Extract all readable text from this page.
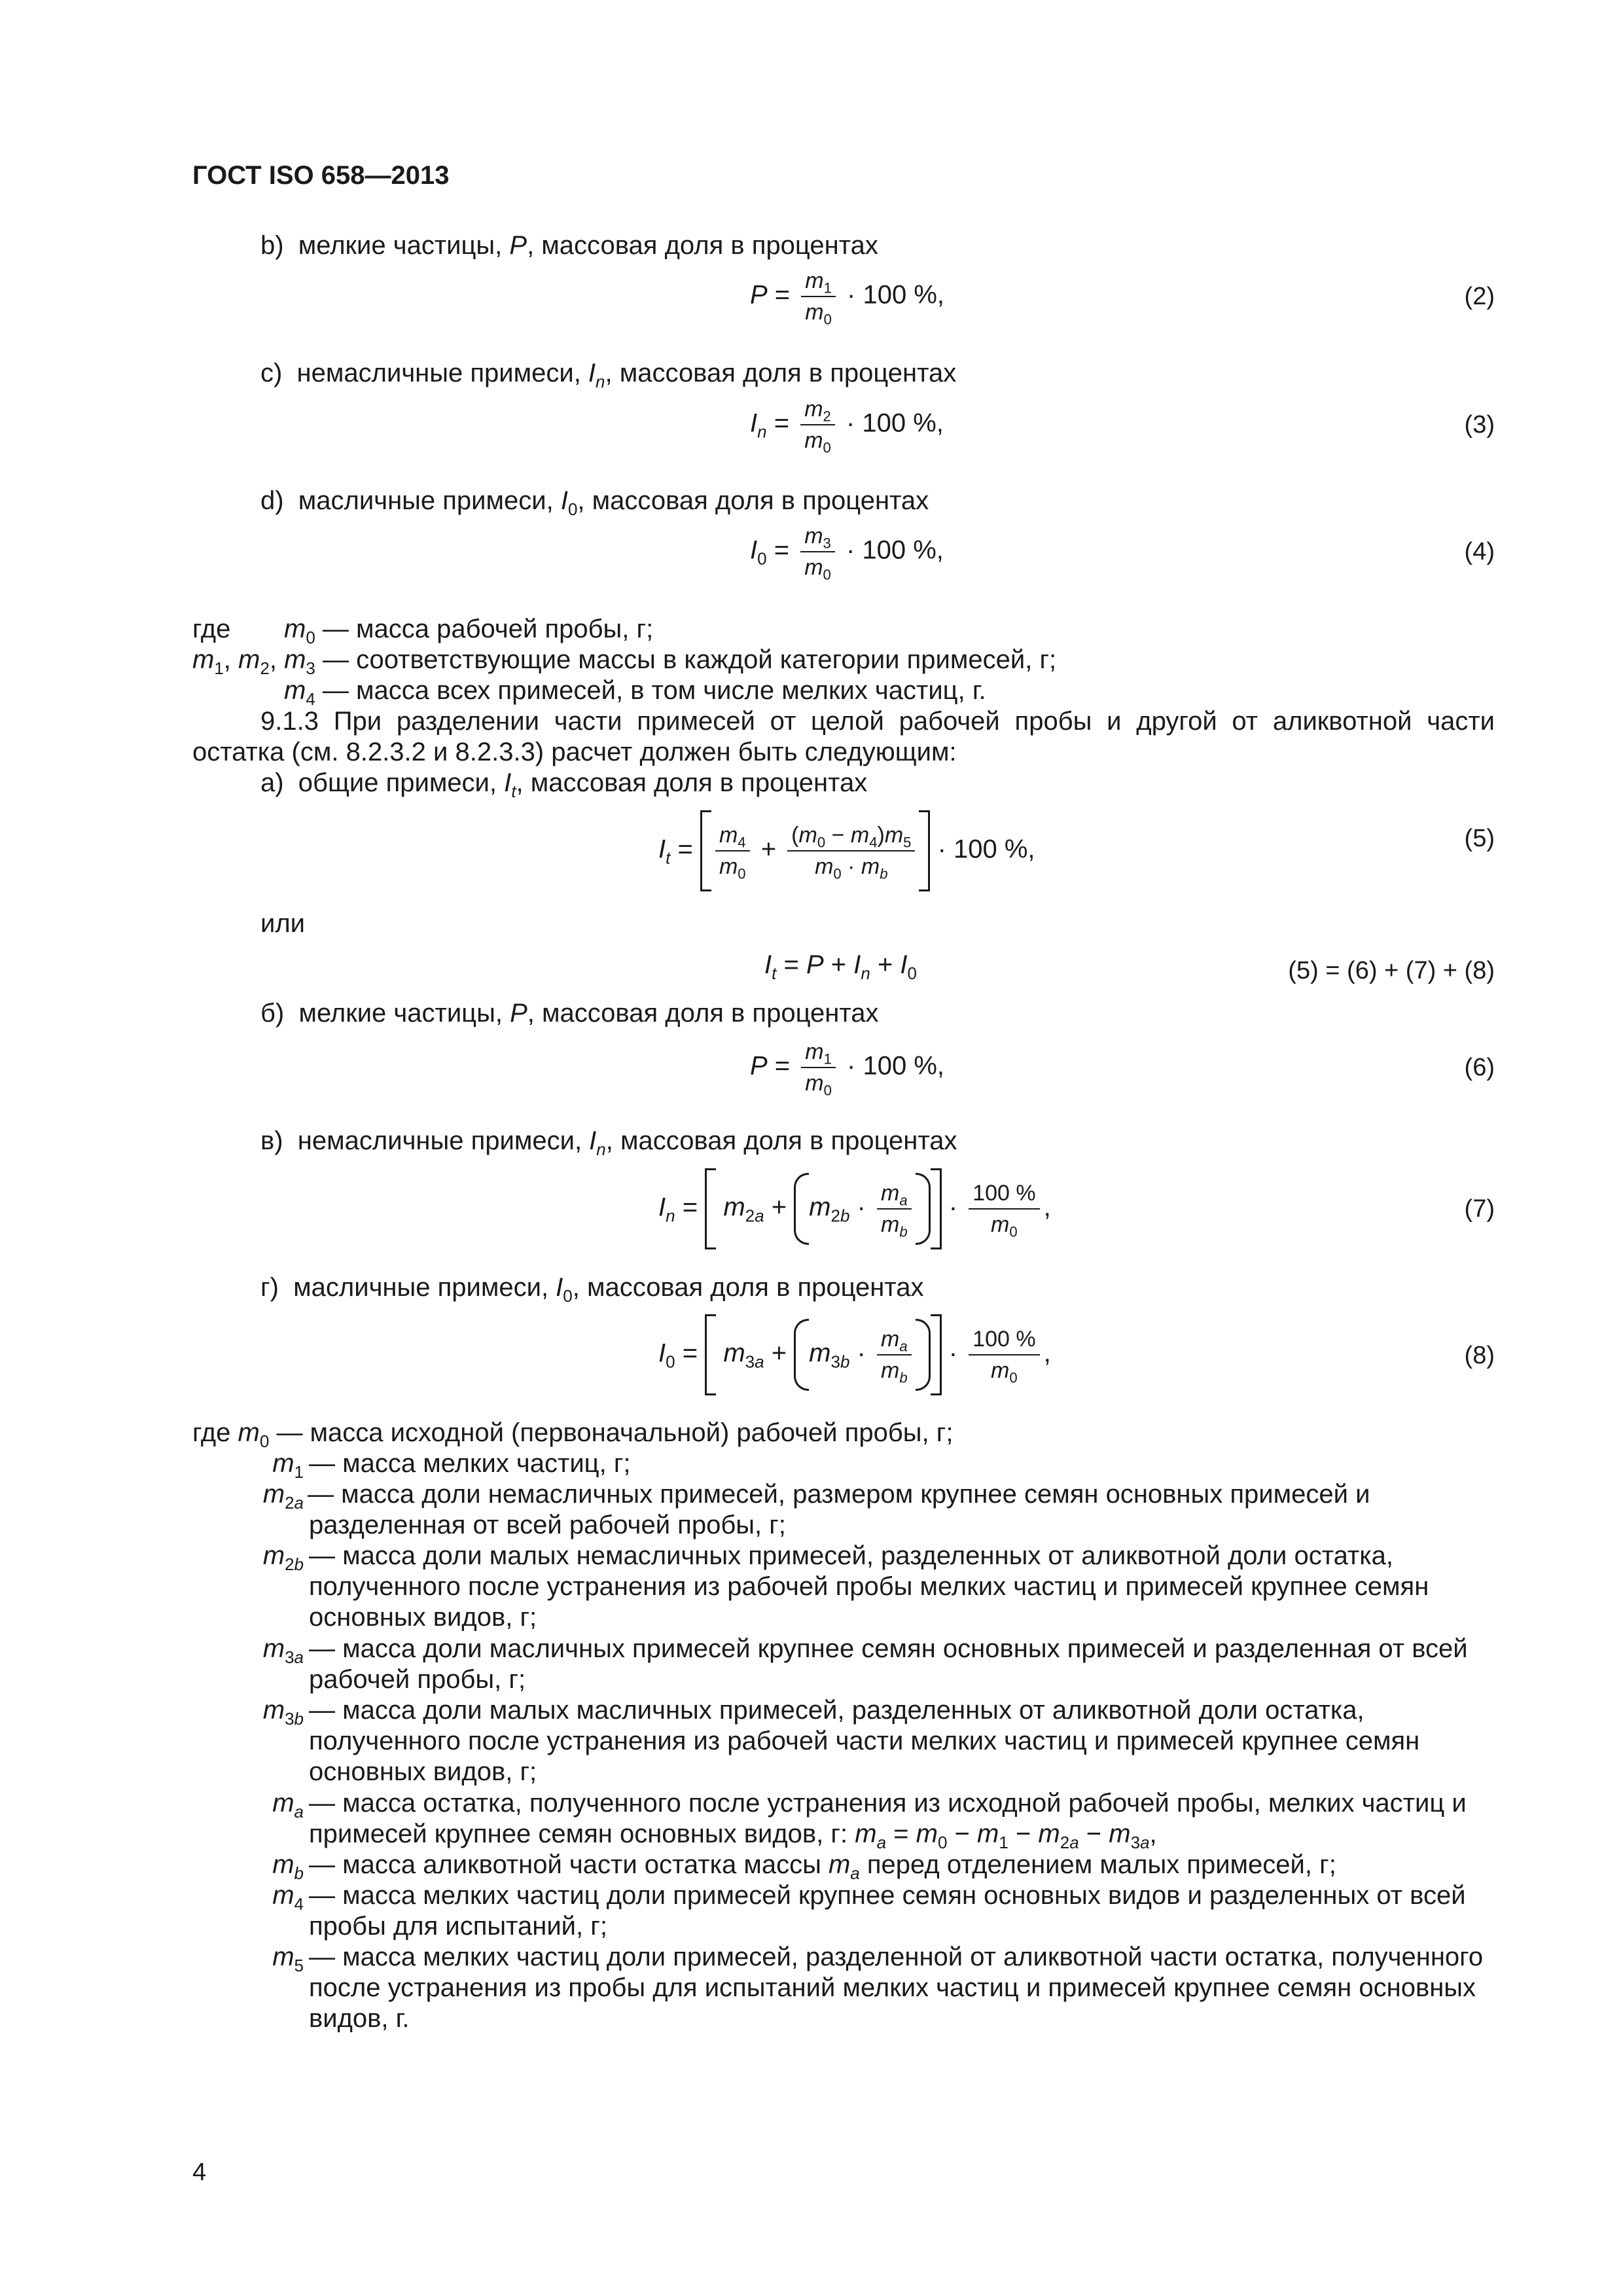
ГОСТ ISO 658—2013
b)  мелкие частицы, P, массовая доля в процентах
$P = \frac{m_1}{m_0} \cdot 100$ %,	(2)
c)  немасличные примеси, $I_n$, массовая доля в процентах
$I_n = \frac{m_2}{m_0} \cdot 100$ %,	(3)
d)  масличные примеси, $I_0$, массовая доля в процентах
$I_0 = \frac{m_3}{m_0} \cdot 100$ %,	(4)
где $m_0$ — масса рабочей пробы, г;
$m_1$, $m_2$, $m_3$ — соответствующие массы в каждой категории примесей, г;
$m_4$ — масса всех примесей, в том числе мелких частиц, г.
9.1.3 При разделении части примесей от целой рабочей пробы и другой от аликвотной части
остатка (см. 8.2.3.2 и 8.2.3.3) расчет должен быть следующим:
а)  общие примеси, $I_t$, массовая доля в процентах
$I_t = \frac{m_4}{m_0} + \frac{(m_0 - m_4)m_5}{m_0 \cdot m_b} \cdot 100$ %,	(5)
или
$I_t = P + I_n + I_0$	(5) = (6) + (7) + (8)
б)  мелкие частицы, P, массовая доля в процентах
$P = \frac{m_1}{m_0} \cdot 100$ %,	(6)
в)  немасличные примеси, $I_n$, массовая доля в процентах
$I_n = m_{2a} + m_{2b} \cdot \frac{m_a}{m_b} \cdot \frac{100 \%}{m_0}$ ,	(7)
г)  масличные примеси, $I_0$, массовая доля в процентах
$I_0 = m_{3a} + m_{3b} \cdot \frac{m_a}{m_b} \cdot \frac{100 \%}{m_0}$ ,	(8)
где $m_0$ — масса исходной (первоначальной) рабочей пробы, г;
$m_1$ — масса мелких частиц, г;
$m_{2a}$ — масса доли немасличных примесей, размером крупнее семян основных примесей и разделенная от всей рабочей пробы, г;
$m_{2b}$ — масса доли малых немасличных примесей, разделенных от аликвотной доли остатка, полученного после устранения из рабочей пробы мелких частиц и примесей крупнее семян основных видов, г;
$m_{3a}$ — масса доли масличных примесей крупнее семян основных примесей и разделенная от всей рабочей пробы, г;
$m_{3b}$ — масса доли малых масличных примесей, разделенных от аликвотной доли остатка, полученного после устранения из рабочей части мелких частиц и примесей крупнее семян основных видов, г;
$m_a$ — масса остатка, полученного после устранения из исходной рабочей пробы, мелких частиц и примесей крупнее семян основных видов, г: $m_a = m_0 - m_1 - m_{2a} - m_{3a}$,
$m_b$ — масса аликвотной части остатка массы $m_a$ перед отделением малых примесей, г;
$m_4$ — масса мелких частиц доли примесей крупнее семян основных видов и разделенных от всей пробы для испытаний, г;
$m_5$ — масса мелких частиц доли примесей, разделенной от аликвотной части остатка, полученного после устранения из пробы для испытаний мелких частиц и примесей крупнее семян основных видов, г.
4
